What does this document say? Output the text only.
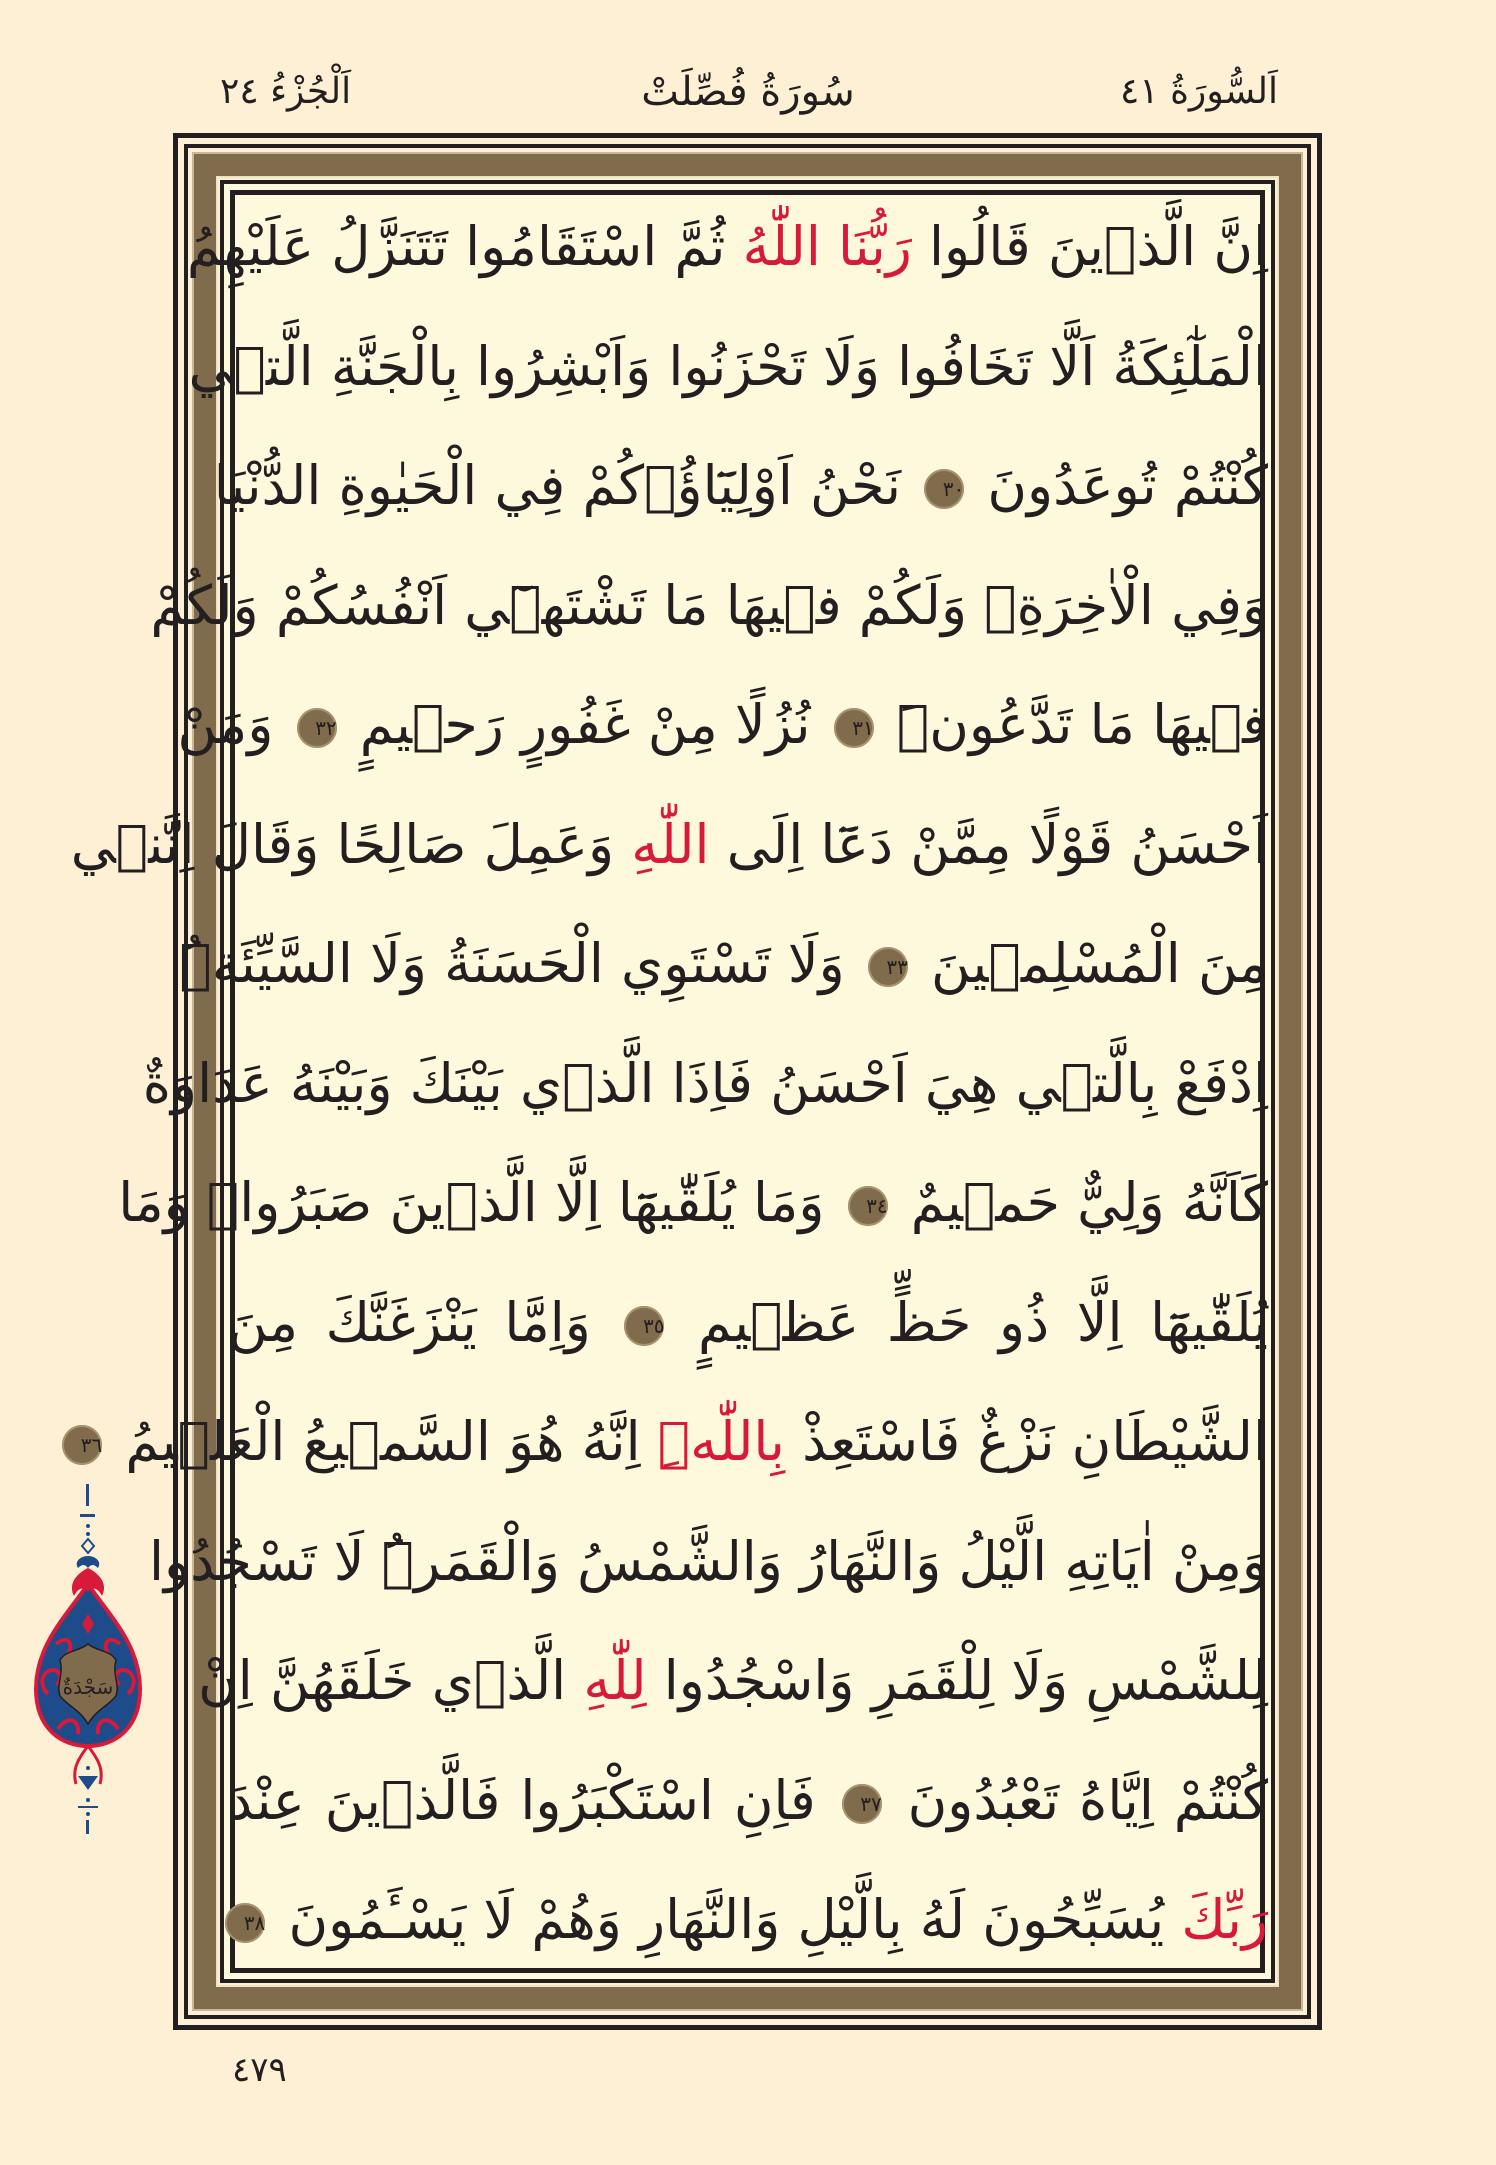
اَلسُّورَةُ ٤١
سُورَةُ فُصِّلَتْ
اَلْجُزْءُ ٢٤
اِنَّ الَّذ۪ينَ قَالُوا رَبُّنَا اللّٰهُ ثُمَّ اسْتَقَامُوا تَتَنَزَّلُ عَلَيْهِمُ
الْمَلٰٓئِكَةُ اَلَّا تَخَافُوا وَلَا تَحْزَنُوا وَاَبْشِرُوا بِالْجَنَّةِ الَّت۪ي
كُنْتُمْ تُوعَدُونَ ٣٠ نَحْنُ اَوْلِيَٓاؤُ۬كُمْ فِي الْحَيٰوةِ الدُّنْيَا
وَفِي الْاٰخِرَةِۚ وَلَكُمْ ف۪يهَا مَا تَشْتَه۪ٓي اَنْفُسُكُمْ وَلَكُمْ
ف۪يهَا مَا تَدَّعُونَۜ ٣١ نُزُلًا مِنْ غَفُورٍ رَح۪يمٍ ٣٢ وَمَنْ
اَحْسَنُ قَوْلًا مِمَّنْ دَعَٓا اِلَى اللّٰهِ وَعَمِلَ صَالِحًا وَقَالَ اِنَّن۪ي
مِنَ الْمُسْلِم۪ينَ ٣٣ وَلَا تَسْتَوِي الْحَسَنَةُ وَلَا السَّيِّئَةُۜ
اِدْفَعْ بِالَّت۪ي هِيَ اَحْسَنُ فَاِذَا الَّذ۪ي بَيْنَكَ وَبَيْنَهُ عَدَاوَةٌ
كَاَنَّهُ وَلِيٌّ حَم۪يمٌ ٣٤ وَمَا يُلَقّٰيهَٓا اِلَّا الَّذ۪ينَ صَبَرُواۚ وَمَا
يُلَقّٰيهَٓا اِلَّا ذُو حَظٍّ عَظ۪يمٍ ٣٥ وَاِمَّا يَنْزَغَنَّكَ مِنَ
الشَّيْطَانِ نَزْغٌ فَاسْتَعِذْ بِاللّٰهِۜ اِنَّهُ هُوَ السَّم۪يعُ الْعَل۪يمُ ٣٦
وَمِنْ اٰيَاتِهِ الَّيْلُ وَالنَّهَارُ وَالشَّمْسُ وَالْقَمَرُۜ لَا تَسْجُدُوا
لِلشَّمْسِ وَلَا لِلْقَمَرِ وَاسْجُدُوا لِلّٰهِ الَّذ۪ي خَلَقَهُنَّ اِنْ
كُنْتُمْ اِيَّاهُ تَعْبُدُونَ ٣٧ فَاِنِ اسْتَكْبَرُوا فَالَّذ۪ينَ عِنْدَ
رَبِّكَ يُسَبِّحُونَ لَهُ بِالَّيْلِ وَالنَّهَارِ وَهُمْ لَا يَسْـَٔمُونَ ٣٨
سَجْدَةٌ
٤٧٩
